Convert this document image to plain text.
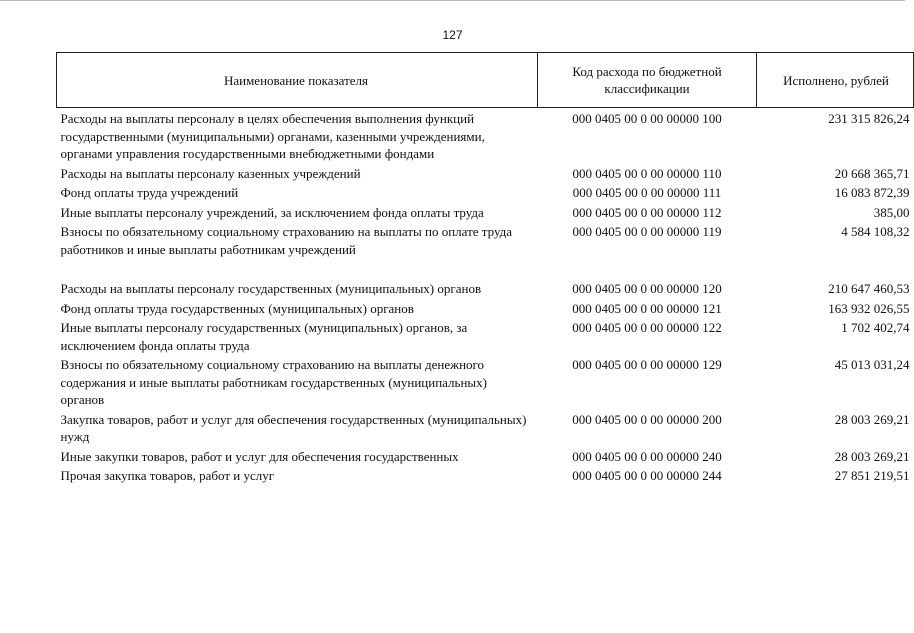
127
Наименование показателя	Код расхода по бюджетной классификации	Исполнено, рублей
Расходы на выплаты персоналу в целях обеспечения выполнения функций государственными (муниципальными) органами, казенными учреждениями, органами управления государственными внебюджетными фондами	000 0405 00 0 00 00000 100	231 315 826,24
Расходы на выплаты персоналу казенных учреждений	000 0405 00 0 00 00000 110	20 668 365,71
Фонд оплаты труда учреждений	000 0405 00 0 00 00000 111	16 083 872,39
Иные выплаты персоналу учреждений, за исключением фонда оплаты труда	000 0405 00 0 00 00000 112	385,00
Взносы по обязательному социальному страхованию на выплаты по оплате труда работников и иные выплаты работникам учреждений	000 0405 00 0 00 00000 119	4 584 108,32
Расходы на выплаты персоналу государственных (муниципальных) органов	000 0405 00 0 00 00000 120	210 647 460,53
Фонд оплаты труда государственных (муниципальных) органов	000 0405 00 0 00 00000 121	163 932 026,55
Иные выплаты персоналу государственных (муниципальных) органов, за исключением фонда оплаты труда	000 0405 00 0 00 00000 122	1 702 402,74
Взносы по обязательному социальному страхованию на выплаты денежного содержания и иные выплаты работникам государственных (муниципальных) органов	000 0405 00 0 00 00000 129	45 013 031,24
Закупка товаров, работ и услуг для обеспечения государственных (муниципальных) нужд	000 0405 00 0 00 00000 200	28 003 269,21
Иные закупки товаров, работ и услуг для обеспечения государственных	000 0405 00 0 00 00000 240	28 003 269,21
Прочая закупка товаров, работ и услуг	000 0405 00 0 00 00000 244	27 851 219,51
